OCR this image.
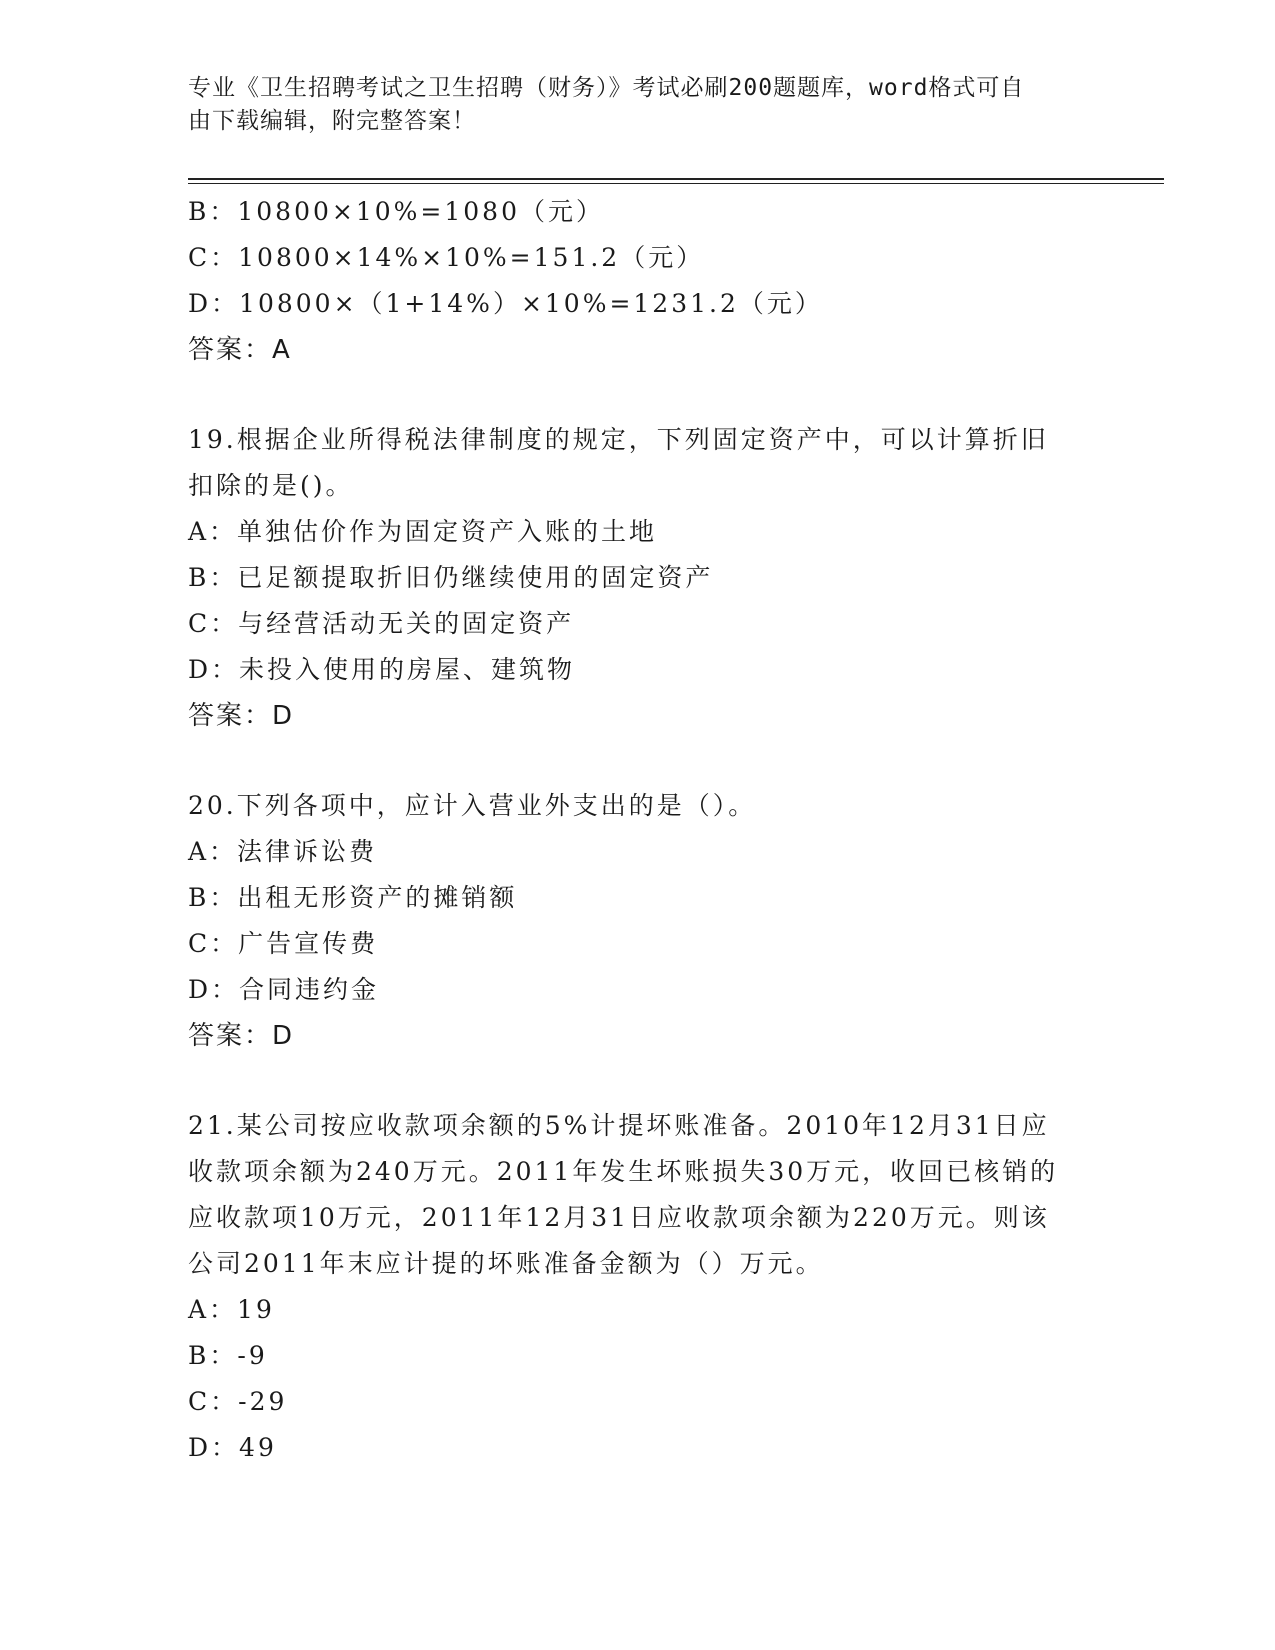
专业《卫生招聘考试之卫生招聘（财务）》考试必刷200题题库，word格式可自
由下载编辑，附完整答案！
B：10800×10%=1080（元）
C：10800×14%×10%=151.2（元）
D：10800×（1+14%）×10%=1231.2（元）
答案：A
19.根据企业所得税法律制度的规定，下列固定资产中，可以计算折旧
扣除的是()。
A：单独估价作为固定资产入账的土地
B：已足额提取折旧仍继续使用的固定资产
C：与经营活动无关的固定资产
D：未投入使用的房屋、建筑物
答案：D
20.下列各项中，应计入营业外支出的是（）。
A：法律诉讼费
B：出租无形资产的摊销额
C：广告宣传费
D：合同违约金
答案：D
21.某公司按应收款项余额的5%计提坏账准备。2010年12月31日应
收款项余额为240万元。2011年发生坏账损失30万元，收回已核销的
应收款项10万元，2011年12月31日应收款项余额为220万元。则该
公司2011年末应计提的坏账准备金额为（）万元。
A：19
B：-9
C：-29
D：49
